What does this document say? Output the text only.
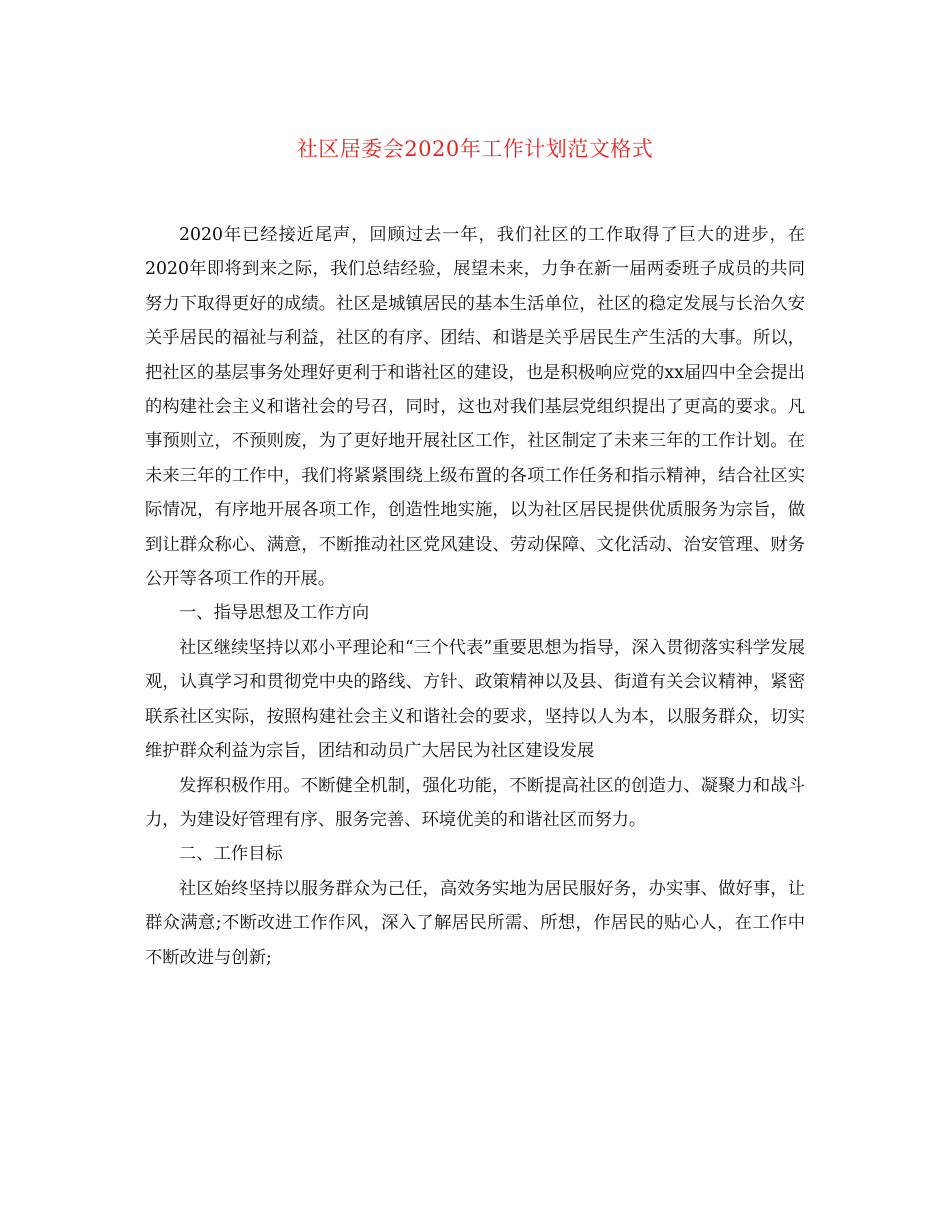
社区居委会2020年工作计划范文格式

2020年已经接近尾声，回顾过去一年，我们社区的工作取得了巨大的进步，在2020年即将到来之际，我们总结经验，展望未来，力争在新一届两委班子成员的共同努力下取得更好的成绩。社区是城镇居民的基本生活单位，社区的稳定发展与长治久安关乎居民的福祉与利益，社区的有序、团结、和谐是关乎居民生产生活的大事。所以，把社区的基层事务处理好更利于和谐社区的建设，也是积极响应党的xx届四中全会提出的构建社会主义和谐社会的号召，同时，这也对我们基层党组织提出了更高的要求。凡事预则立，不预则废，为了更好地开展社区工作，社区制定了未来三年的工作计划。在未来三年的工作中，我们将紧紧围绕上级布置的各项工作任务和指示精神，结合社区实际情况，有序地开展各项工作，创造性地实施，以为社区居民提供优质服务为宗旨，做到让群众称心、满意，不断推动社区党风建设、劳动保障、文化活动、治安管理、财务公开等各项工作的开展。

一、指导思想及工作方向

社区继续坚持以邓小平理论和“三个代表”重要思想为指导，深入贯彻落实科学发展观，认真学习和贯彻党中央的路线、方针、政策精神以及县、街道有关会议精神，紧密联系社区实际，按照构建社会主义和谐社会的要求，坚持以人为本，以服务群众，切实维护群众利益为宗旨，团结和动员广大居民为社区建设发展

发挥积极作用。不断健全机制，强化功能，不断提高社区的创造力、凝聚力和战斗力，为建设好管理有序、服务完善、环境优美的和谐社区而努力。

二、工作目标

社区始终坚持以服务群众为己任，高效务实地为居民服好务，办实事、做好事，让群众满意;不断改进工作作风，深入了解居民所需、所想，作居民的贴心人，在工作中不断改进与创新;
